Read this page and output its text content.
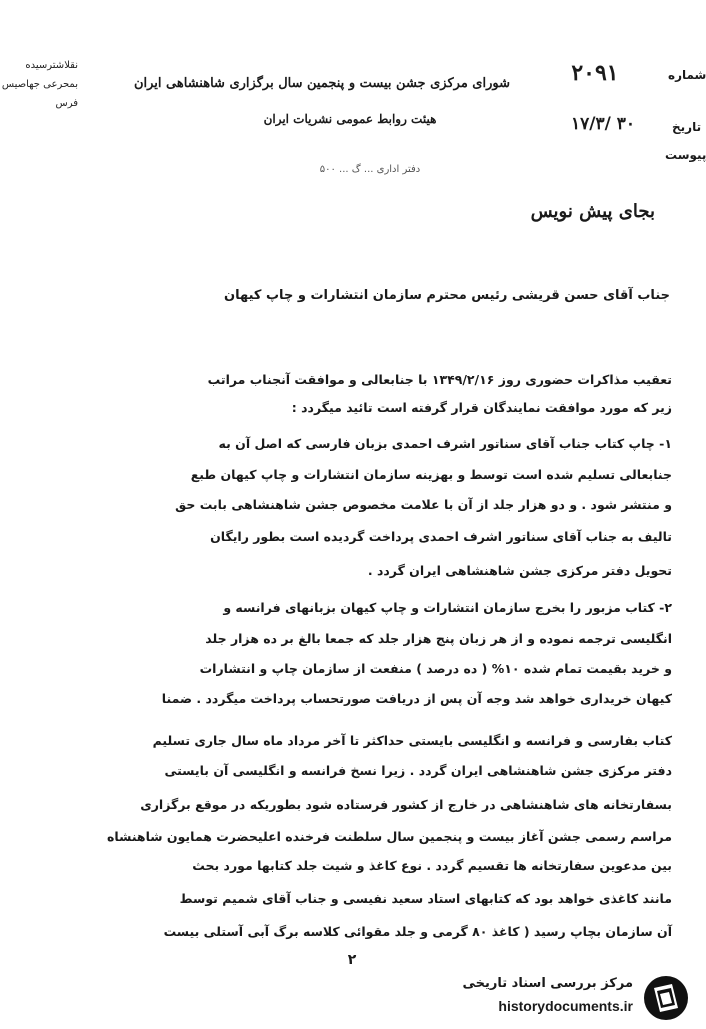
نقلاشترسیده
بمحرعی جهاصیس
فرس
شورای مرکزی جشن بیست و پنجمین سال برگزاری شاهنشاهی ایران
هیئت روابط عمومی نشریات ایران
دفتر اداری ... گ ... ۵۰۰
۲۰۹۱
۱۷/۳/ ۳۰
شماره
تاریخ
پیوست
بجای پیش نویس
جناب آقای حسن قریشی رئیس محترم سازمان انتشارات و چاپ کیهان
تعقیب مذاکرات حضوری روز ۱۳۴۹/۲/۱۶ با جنابعالی و موافقت آنجناب مراتب
زیر که مورد موافقت نمایندگان قرار گرفته است تائید میگردد :
۱- چاپ کتاب جناب آقای سناتور اشرف احمدی بزبان فارسی که اصل آن به
جنابعالی تسلیم شده است توسط و بهزینه سازمان انتشارات و چاپ کیهان طبع
و منتشر شود . و دو هزار جلد از آن با علامت مخصوص جشن شاهنشاهی بابت حق
تالیف به جناب آقای سناتور اشرف احمدی پرداخت گردیده است بطور رایگان
تحویل دفتر مرکزی جشن شاهنشاهی ایران گردد .
۲- کتاب مزبور را بخرج سازمان انتشارات و چاپ کیهان بزبانهای فرانسه و
انگلیسی ترجمه نموده و از هر زبان پنج هزار جلد که جمعا بالغ بر ده هزار جلد
و خرید بقیمت تمام شده ۱۰% ( ده درصد ) منفعت از سازمان چاپ و انتشارات
کیهان خریداری خواهد شد وجه آن پس از دریافت صورتحساب پرداخت میگردد . ضمنا
کتاب بفارسی و فرانسه و انگلیسی بایستی حداکثر تا آخر مرداد ماه سال جاری تسلیم
دفتر مرکزی جشن شاهنشاهی ایران گردد . زیرا نسخ فرانسه و انگلیسی آن بایستی
بسفارتخانه های شاهنشاهی در خارج از کشور فرستاده شود بطوریکه در موقع برگزاری
مراسم رسمی جشن آغاز بیست و پنجمین سال سلطنت فرخنده اعلیحضرت همایون شاهنشاه
بین مدعوین سفارتخانه ها تقسیم گردد . نوع کاغذ و شیت جلد کتابها مورد بحث
مانند کاغذی خواهد بود که کتابهای استاد سعید نفیسی و جناب آقای شمیم توسط
آن سازمان بچاپ رسید ( کاغذ ۸۰ گرمی و جلد مقوائی کلاسه برگ آبی آستلی بیست
۲
مرکز بررسی اسناد تاریخی
historydocuments.ir
